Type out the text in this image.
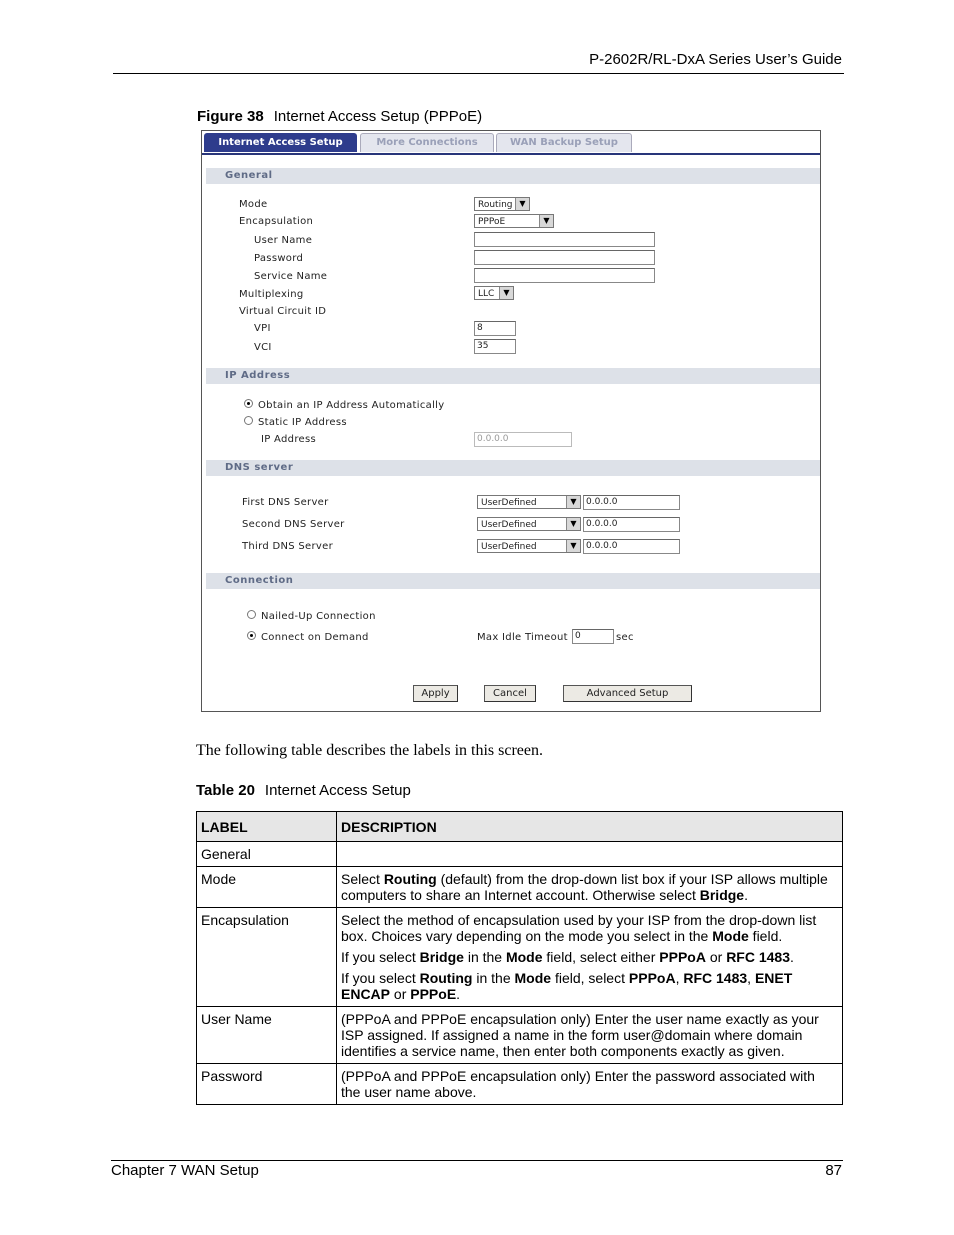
P-2602R/RL-DxA Series User’s Guide
Figure 38 Internet Access Setup (PPPoE)
Internet Access Setup	More Connections	WAN Backup Setup
General
Mode	Routing ▼
Encapsulation	PPPoE	▼
User Name
Password
Service Name
Multiplexing	LLC	▼
Virtual Circuit ID
VPI	8
VCI	35
IP Address
Obtain an IP Address Automatically
Static IP Address
IP Address	0.0.0.0
DNS server
First DNS Server	UserDefined	▼	0.0.0.0
Second DNS Server	UserDefined	▼	0.0.0.0
Third DNS Server	UserDefined	▼	0.0.0.0
Connection
Nailed-Up Connection
Connect on Demand	Max Idle Timeout 0	sec
Apply	Cancel	Advanced Setup
The following table describes the labels in this screen.
Table 20 Internet Access Setup
LABEL	DESCRIPTION
General	
Mode	Select Routing (default) from the drop-down list box if your ISP allows multiple computers to share an Internet account. Otherwise select Bridge.

Encapsulation	Select the method of encapsulation used by your ISP from the drop-down list box. Choices vary depending on the mode you select in the Mode field.

If you select Bridge in the Mode field, select either PPPoA or RFC 1483.

If you select Routing in the Mode field, select PPPoA, RFC 1483, ENET ENCAP or PPPoE.

User Name	(PPPoA and PPPoE encapsulation only) Enter the user name exactly as your ISP assigned. If assigned a name in the form user@domain where domain identifies a service name, then enter both components exactly as given.

Password	(PPPoA and PPPoE encapsulation only) Enter the password associated with the user name above.

Chapter 7 WAN Setup	87
